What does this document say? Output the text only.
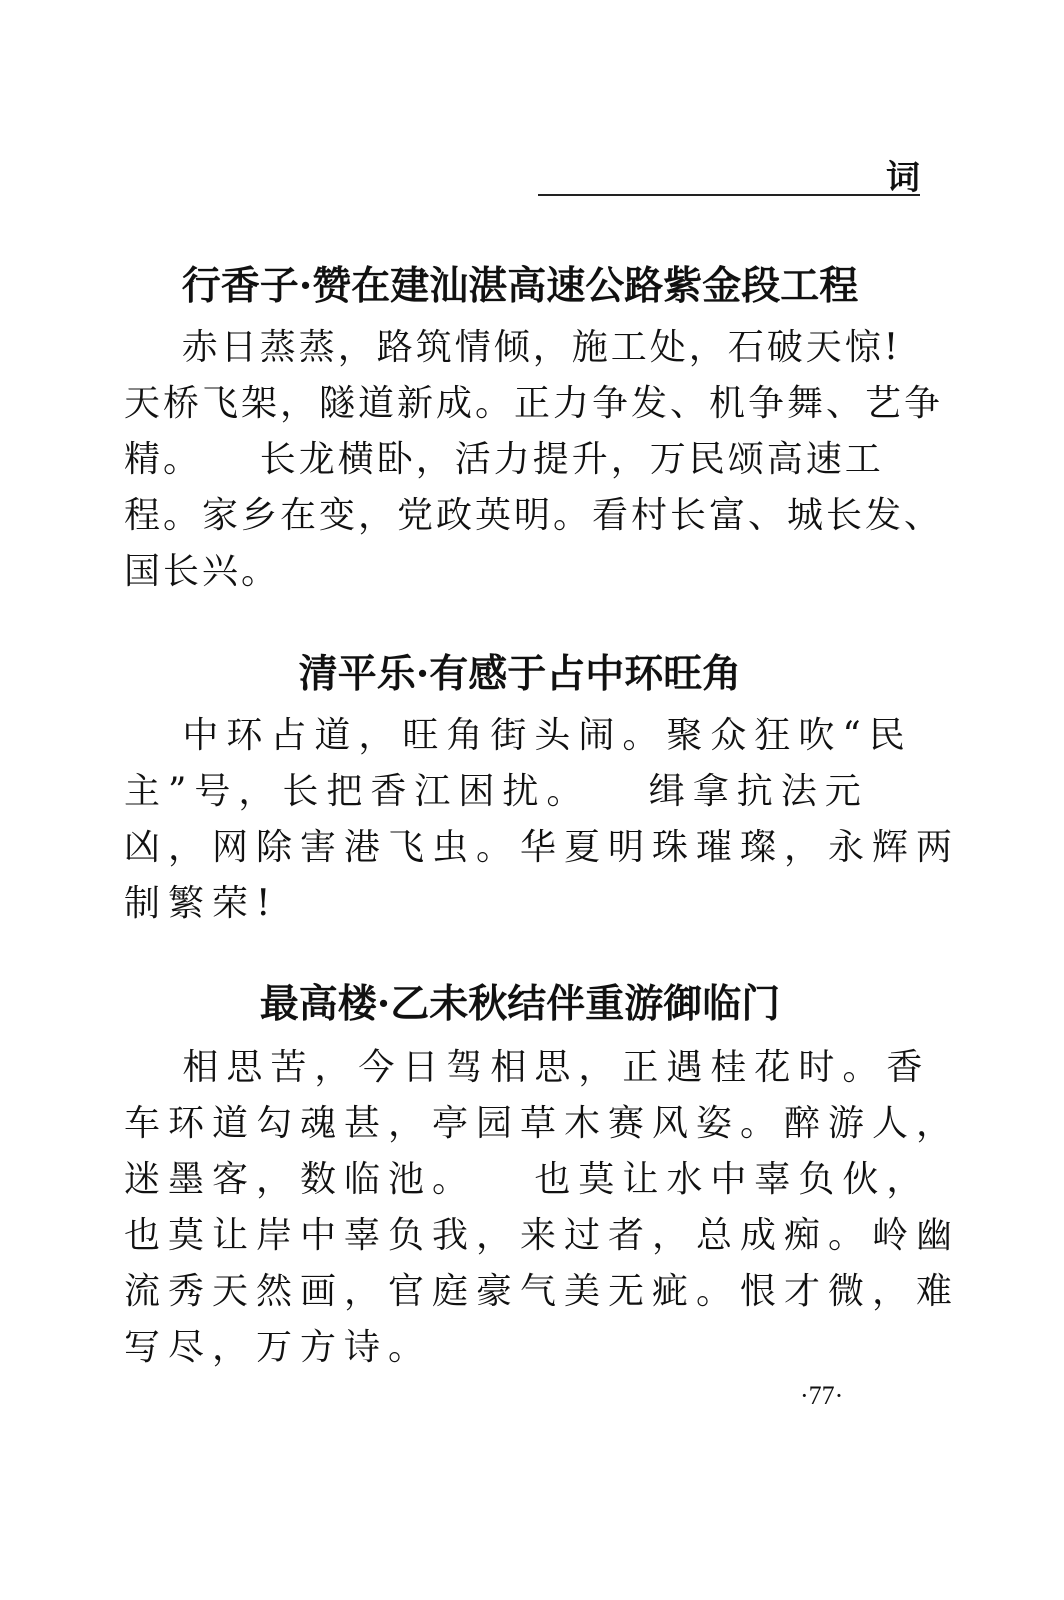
词
行香子·赞在建汕湛高速公路紫金段工程
赤日蒸蒸，路筑情倾，施工处，石破天惊!
天桥飞架，隧道新成。正力争发、机争舞、艺争
精。    长龙横卧，活力提升，万民颂高速工
程。家乡在变，党政英明。看村长富、城长发、
国长兴。
清平乐·有感于占中环旺角
中环占道，旺角街头闹。聚众狂吹“民
主”号，长把香江困扰。   缉拿抗法元
凶，网除害港飞虫。华夏明珠璀璨，永辉两
制繁荣!
最高楼·乙未秋结伴重游御临门
相思苦，今日驾相思，正遇桂花时。香
车环道勾魂甚，亭园草木赛风姿。醉游人，
迷墨客，数临池。   也莫让水中辜负伙，
也莫让岸中辜负我，来过者，总成痴。岭幽
流秀天然画，官庭豪气美无疵。恨才微，难
写尽，万方诗。
·77·
